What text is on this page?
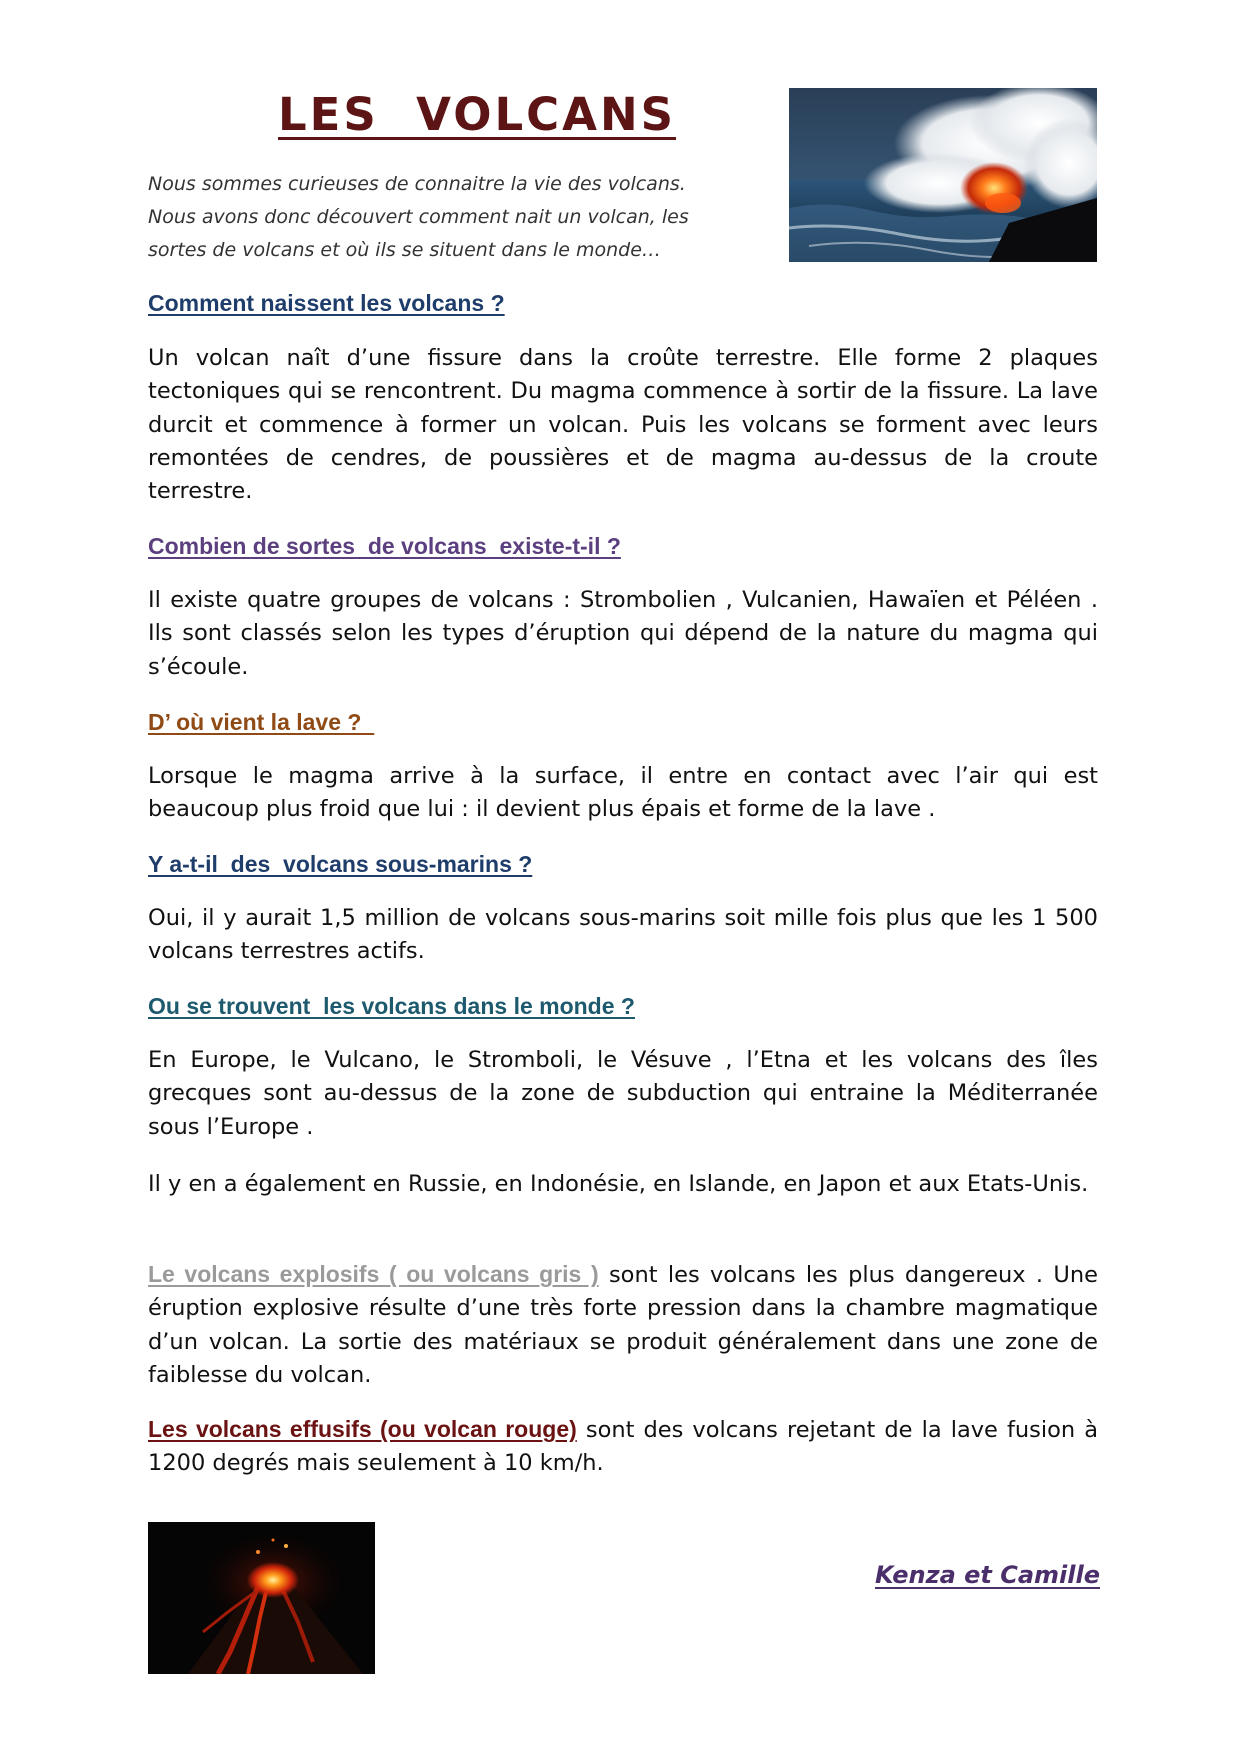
LES  VOLCANS
Nous sommes curieuses de connaitre la vie des volcans. Nous avons donc découvert comment nait un volcan, les sortes de volcans et où ils se situent dans le monde…
Comment naissent les volcans ?
Un volcan naît d’une fissure dans la croûte terrestre. Elle forme 2 plaques tectoniques qui se rencontrent. Du magma commence à sortir de la fissure. La lave durcit et commence à former un volcan. Puis les volcans se forment avec leurs remontées de cendres, de poussières et de magma au-dessus de la croute terrestre.
Combien de sortes  de volcans  existe-t-il ?
Il existe quatre groupes de volcans : Strombolien , Vulcanien, Hawaïen et Péléen . Ils sont classés selon les types d’éruption qui dépend de la nature du magma qui s’écoule.
D’ où vient la lave ?
Lorsque le magma arrive à la surface, il entre en contact avec l’air qui est beaucoup plus froid que lui : il devient plus épais et forme de la lave .
Y a-t-il  des  volcans sous-marins ?
Oui, il y aurait 1,5 million de volcans sous-marins soit mille fois plus que les 1 500 volcans terrestres actifs.
Ou se trouvent  les volcans dans le monde ?
En Europe, le Vulcano, le Stromboli, le Vésuve , l’Etna et les volcans des îles grecques sont au-dessus de la zone de subduction qui entraine la Méditerranée sous l’Europe .
Il y en a également en Russie, en Indonésie, en Islande, en Japon et aux Etats-Unis.
Le volcans explosifs ( ou volcans gris ) sont les volcans les plus dangereux . Une éruption explosive résulte d’une très forte pression dans la chambre magmatique d’un volcan. La sortie des matériaux se produit généralement dans une zone de faiblesse du volcan.
Les volcans effusifs (ou volcan rouge) sont des volcans rejetant de la lave fusion à 1200 degrés mais seulement à 10 km/h.
Kenza et Camille
